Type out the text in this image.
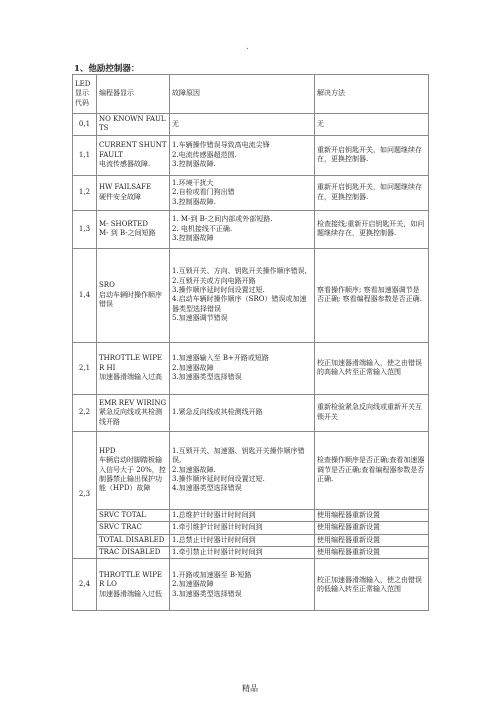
.
1、他励控制器：
LED 显示代码	编程器显示	故障原因	解决方法
0,1	NO KNOWN FAULTS	无	无

1,1	CURRENT SHUNT FAULT
电流传感器故障.	1.车辆操作错误导致高电流尖锋
2.电流传感器超范围.
3.控制器故障.	重新开启钥匙开关，如问题继续存在，更换控制器.

1,2	HW FAILSAFE
硬件安全故障	1.环境干扰大
2.自检或看门狗出错
3.控制器故障.	重新开启钥匙开关，如问题继续存在，更换控制器.

1,3	M- SHORTED
M- 到 B-之间短路	1. M-到 B-之间内部或外部短路.
2. 电机接线不正确.
3.控制器故障	检查接线;重新开启钥匙开关，如问题继续存在，更换控制器.

1,4	SRO
启动车辆时操作顺序错误	1.互锁开关、方向、钥匙开关操作顺序错误,
2.互锁开关或方向电路开路
3.操作顺序延时时间设置过短.
4.启动车辆时操作顺序（SRO）错误或加速器类型选择错误
5.加速器调节错误	察看操作顺序; 察看加速器调节是否正确; 察看编程器参数是否正确.

2,1	THROTTLE WIPER HI
加速器滑端输入过高	1.加速器输入至 B+开路或短路
2.加速器故障
3.加速器类型选择错误	校正加速器滑端输入，使之由错误的高输入转至正常输入范围

2,2	EMR REV WIRING
紧急反向线或其检测线开路	1.紧急反向线或其检测线开路	重新检验紧急反向线或重新开关互锁开关

2,3	HPD
车辆启动时脚踏板输入信号大于 20%，控制器禁止输出保护功能（HPD）故障	1.互锁开关、加速器、钥匙开关操作顺序错误,
2.加速器故障.
3.操作顺序延时时间设置过短.
4.加速器类型选择错误	检查操作顺序是否正确;查看加速器调节是否正确;查看编程器参数是否正确.

	SRVC TOTAL	1.总维护计时器计时时间到	使用编程器重新设置

	SRVC TRAC	1.牵引维护计时器计时时间到	使用编程器重新设置

	TOTAL DISABLED	1.总禁止计时器计时时间到	使用编程器重新设置

	TRAC DISABLED	1.牵引禁止计时器计时时间到	使用编程器重新设置

2,4	THROTTLE WIPER LO
加速器滑端输入过低	1.开路或加速器至 B-短路
2.加速器故障
3.加速器类型选择错误	校正加速器滑端输入，使之由错误的低输入转至正常输入范围
精品
